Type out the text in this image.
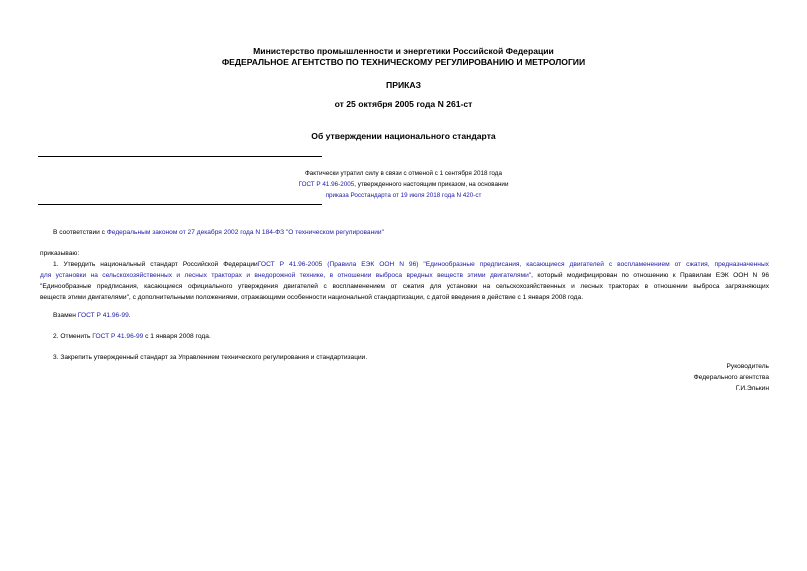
Министерство промышленности и энергетики Российской Федерации
ФЕДЕРАЛЬНОЕ АГЕНТСТВО ПО ТЕХНИЧЕСКОМУ РЕГУЛИРОВАНИЮ И МЕТРОЛОГИИ
ПРИКАЗ
от 25 октября 2005 года N 261-ст
Об утверждении национального стандарта
Фактически утратил силу в связи с отменой с 1 сентября 2018 года
ГОСТ Р 41.96-2005, утвержденного настоящим приказом, на основании
приказа Росстандарта от 19 июля 2018 года N 420-ст
В соответствии с Федеральным законом от 27 декабря 2002 года N 184-ФЗ "О техническом регулировании"
приказываю:
1. Утвердить национальный стандарт Российской ФедерацииГОСТ Р 41.96-2005 (Правила ЕЭК ООН N 96) "Единообразные предписания, касающиеся двигателей с воспламенением от сжатия, предназначенных
для установки на сельскохозяйственных и лесных тракторах и внедорожной технике, в отношении выброса вредных веществ этими двигателями", который модифицирован по отношению к Правилам ЕЭК ООН N 96
"Единообразные предписания, касающиеся официального утверждения двигателей с воспламенением от сжатия для установки на сельскохозяйственных и лесных тракторах в отношении выброса загрязняющих
веществ этими двигателями", с дополнительными положениями, отражающими особенности национальной стандартизации, с датой введения в действие с 1 января 2008 года.
Взамен ГОСТ Р 41.96-99.
2. Отменить ГОСТ Р 41.96-99 с 1 января 2008 года.
3. Закрепить утвержденный стандарт за Управлением технического регулирования и стандартизации.
Руководитель
Федерального агентства
Г.И.Элькин
